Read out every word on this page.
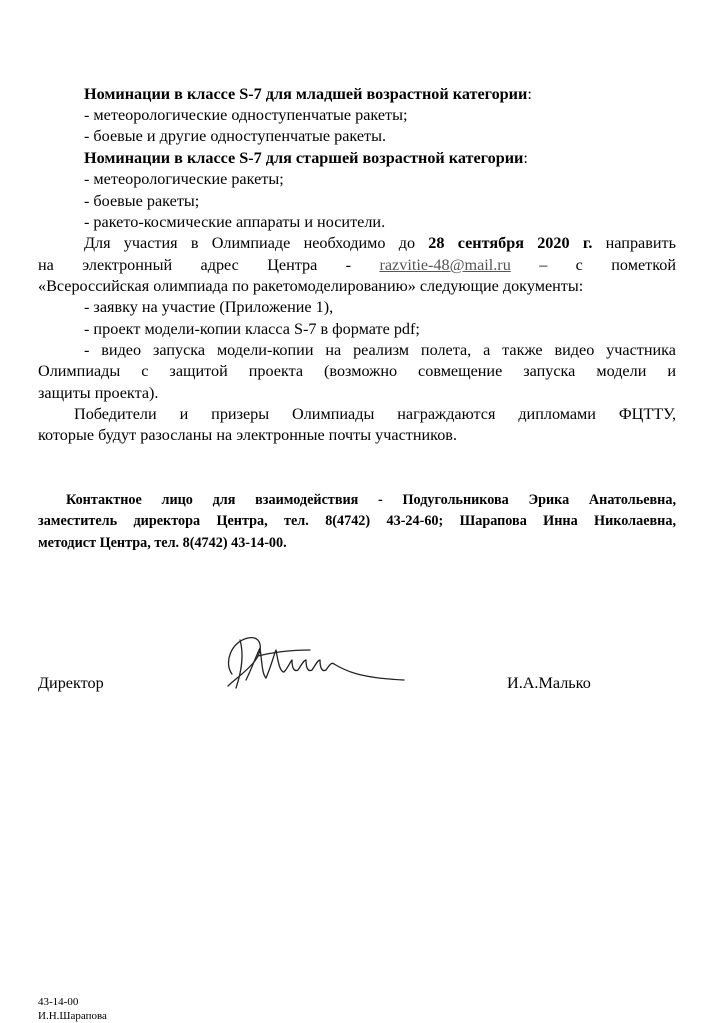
Номинации в классе S-7 для младшей возрастной категории:

- метеорологические одноступенчатые ракеты;

- боевые и другие одноступенчатые ракеты.

Номинации в классе S-7 для старшей возрастной категории:

- метеорологические ракеты;

- боевые ракеты;

- ракето-космические аппараты и носители.

Для участия в Олимпиаде необходимо до 28 сентября 2020 г. направить

на электронный адрес Центра - razvitie-48@mail.ru – с пометкой

«Всероссийская олимпиада по ракетомоделированию» следующие документы:

- заявку на участие (Приложение 1),

- проект модели-копии класса S-7 в формате pdf;

- видео запуска модели-копии на реализм полета, а также видео участника

Олимпиады с защитой проекта (возможно совмещение запуска модели и

защиты проекта).

Победители и призеры Олимпиады награждаются дипломами ФЦТТУ,

которые будут разосланы на электронные почты участников.

Контактное лицо для взаимодействия - Подугольникова Эрика Анатольевна,
заместитель директора Центра, тел. 8(4742) 43-24-60; Шарапова Инна Николаевна,
методист Центра, тел. 8(4742) 43-14-00.
Директор	И.А.Малько
43-14-00
И.Н.Шарапова
